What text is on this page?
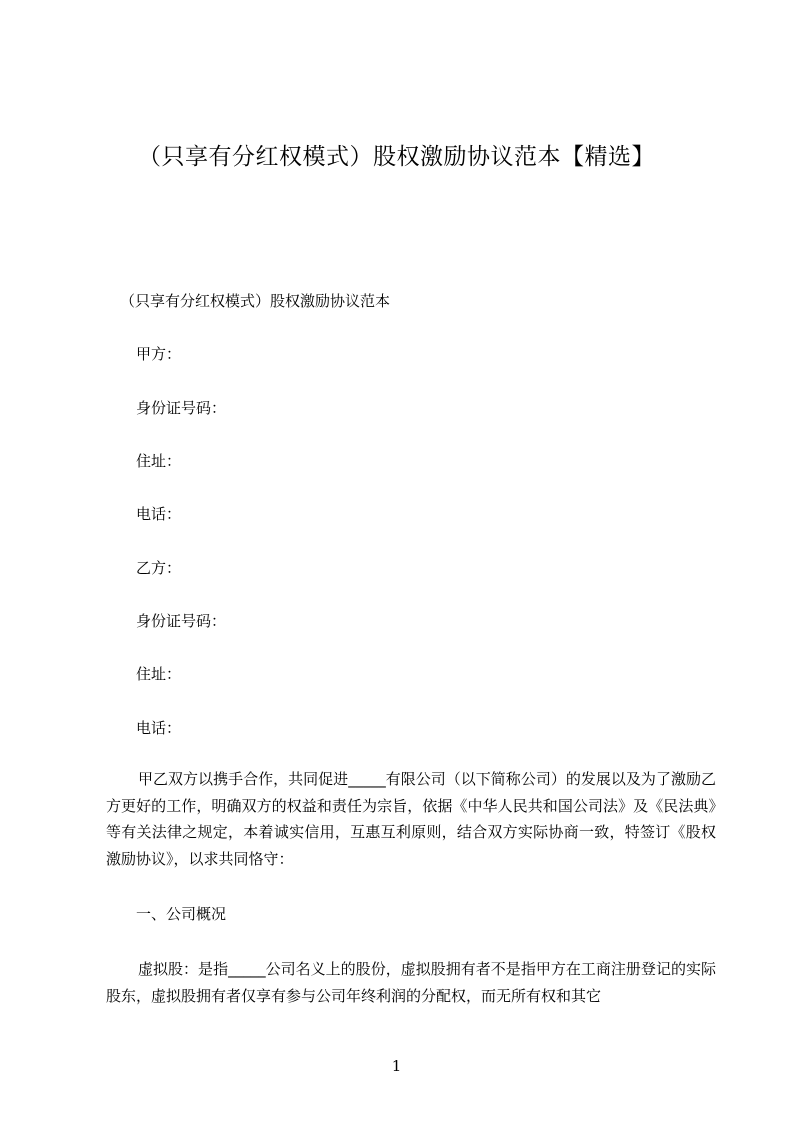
（只享有分红权模式）股权激励协议范本【精选】

（只享有分红权模式）股权激励协议范本

甲方：

身份证号码：

住址：

电话：

乙方：

身份证号码：

住址：

电话：

甲乙双方以携手合作，共同促进_____有限公司（以下简称公司）的发展以及为了激励乙方更好的工作，明确双方的权益和责任为宗旨，依据《中华人民共和国公司法》及《民法典》等有关法律之规定，本着诚实信用，互惠互利原则，结合双方实际协商一致，特签订《股权激励协议》，以求共同恪守：

一、公司概况

虚拟股：是指_____公司名义上的股份，虚拟股拥有者不是指甲方在工商注册登记的实际股东，虚拟股拥有者仅享有参与公司年终利润的分配权，而无所有权和其它

1
